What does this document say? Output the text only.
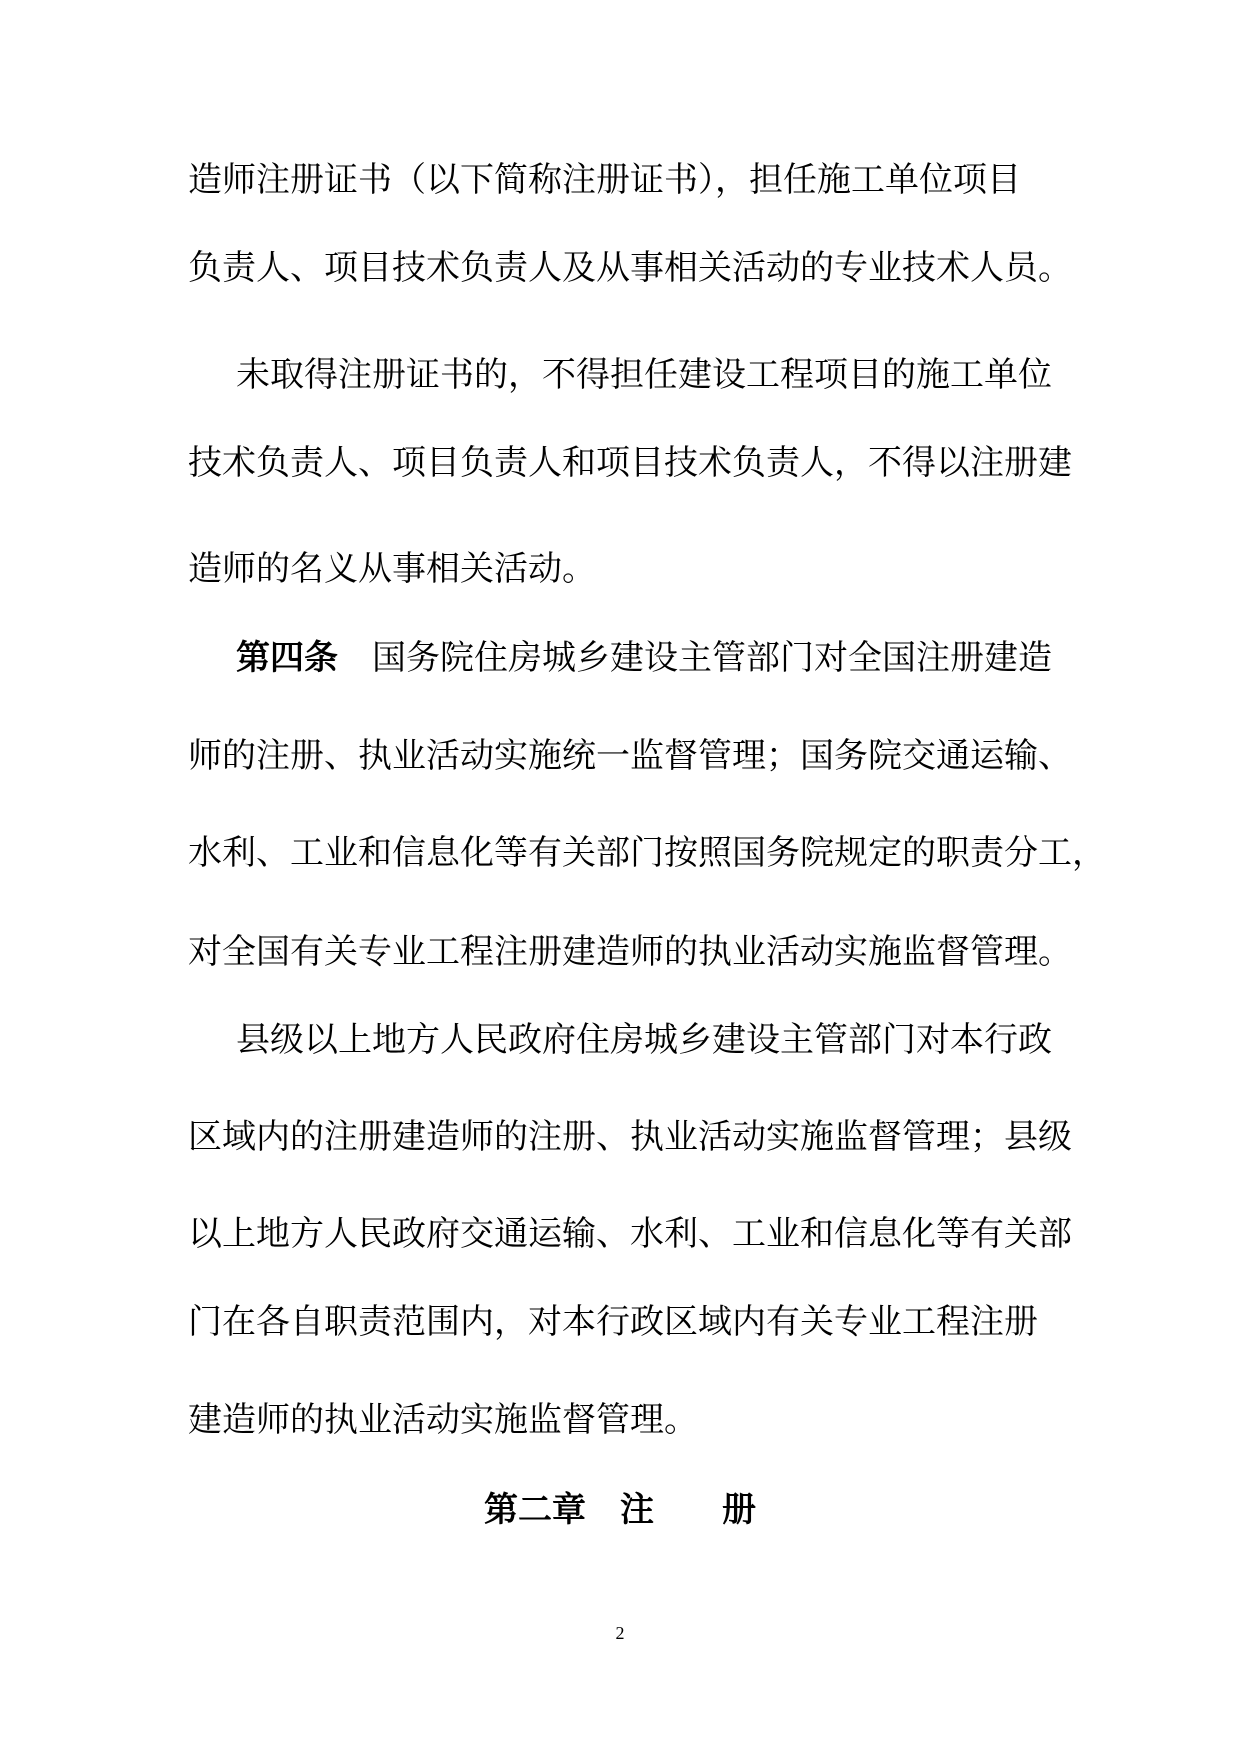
造师注册证书（以下简称注册证书），担任施工单位项目
负责人、项目技术负责人及从事相关活动的专业技术人员。
未取得注册证书的，不得担任建设工程项目的施工单位
技术负责人、项目负责人和项目技术负责人，不得以注册建
造师的名义从事相关活动。
第四条 国务院住房城乡建设主管部门对全国注册建造
师的注册、执业活动实施统一监督管理；国务院交通运输、
水利、工业和信息化等有关部门按照国务院规定的职责分工，
对全国有关专业工程注册建造师的执业活动实施监督管理。
县级以上地方人民政府住房城乡建设主管部门对本行政
区域内的注册建造师的注册、执业活动实施监督管理；县级
以上地方人民政府交通运输、水利、工业和信息化等有关部
门在各自职责范围内，对本行政区域内有关专业工程注册
建造师的执业活动实施监督管理。
第二章 注 册
2
